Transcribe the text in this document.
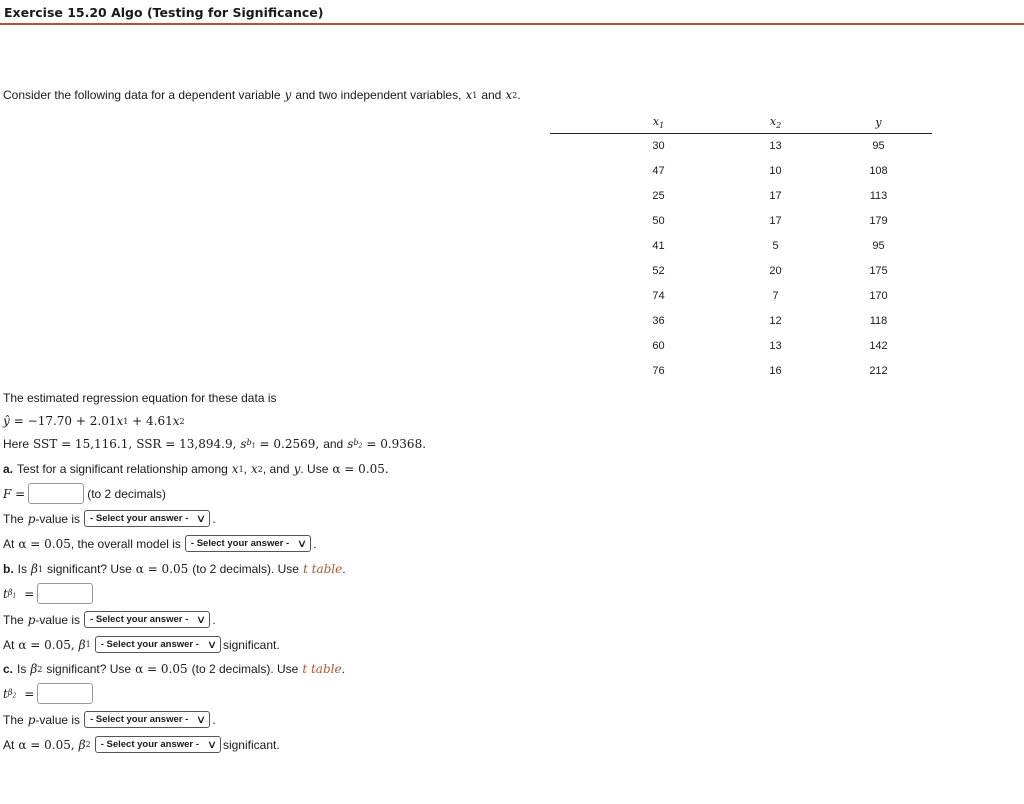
Exercise 15.20 Algo (Testing for Significance)
Consider the following data for a dependent variable y and two independent variables, x 1 and x 2 .
$x_1$	$x_2$	y
30	13	95
47	10	108
25	17	113
50	17	179
41	5	95
52	20	175
74	7	170
36	12	118
60	13	142
76	16	212
The estimated regression equation for these data is
ŷ = −17.70 + 2.01 x 1 + 4.61 x 2
Here SST = 15,116.1, SSR = 13,894.9, s $b_1 = 0.2569$, and s $b_2 = 0.9368$.
a. Test for a significant relationship among x 1 , x 2 , and y . Use α = 0.05.
F =	(to 2 decimals)
The p -value is - Select your answer - ∨ .
At α = 0.05 , the overall model is - Select your answer - ∨ .
b. Is β 1 significant? Use α = 0.05 (to 2 decimals). Use t table .
t $\beta_1$ =
The p -value is - Select your answer - ∨ .
At α = 0.05, β 1 - Select your answer - ∨ significant.
c. Is β 2 significant? Use α = 0.05 (to 2 decimals). Use t table .
t $\beta_2$ =
The p -value is - Select your answer - ∨ .
At α = 0.05, β 2 - Select your answer - ∨ significant.
